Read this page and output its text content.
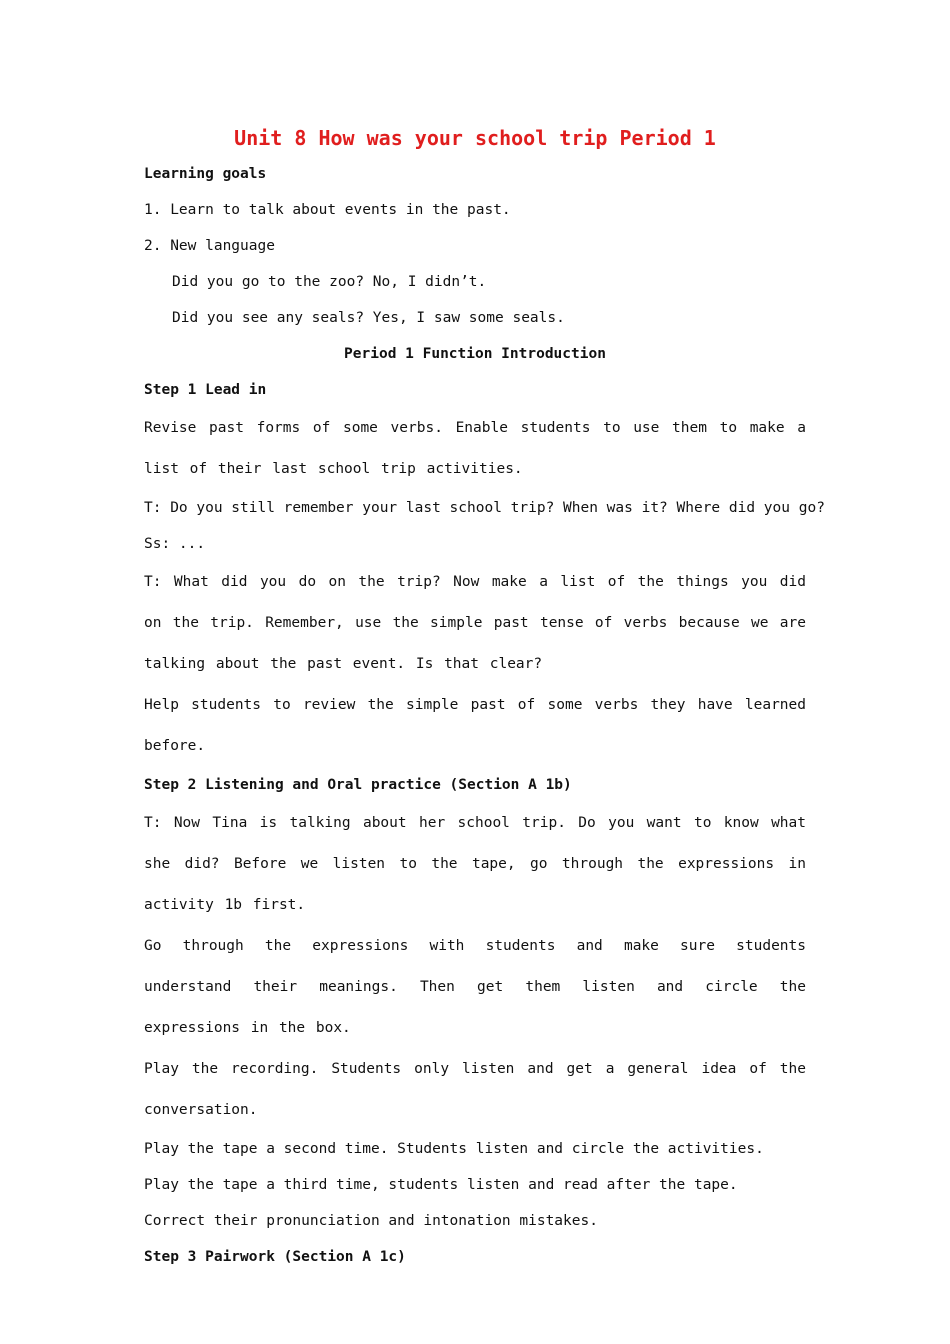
Unit 8 How was your school trip Period 1

Learning goals

1. Learn to talk about events in the past.

2. New language

Did you go to the zoo? No, I didn’t.

Did you see any seals? Yes, I saw some seals.

Period 1 Function Introduction

Step 1 Lead in

Revise past forms of some verbs. Enable students to use them to make a list of their last school trip activities.

T: Do you still remember your last school trip? When was it? Where did you go?

Ss: ...

T: What did you do on the trip? Now make a list of the things you did on the trip. Remember, use the simple past tense of verbs because we are talking about the past event. Is that clear?

Help students to review the simple past of some verbs they have learned before.

Step 2 Listening and Oral practice (Section A 1b)

T: Now Tina is talking about her school trip. Do you want to know what she did? Before we listen to the tape, go through the expressions in activity 1b first.

Go through the expressions with students and make sure students understand their meanings. Then get them listen and circle the expressions in the box.

Play the recording. Students only listen and get a general idea of the conversation.

Play the tape a second time. Students listen and circle the activities.

Play the tape a third time, students listen and read after the tape.

Correct their pronunciation and intonation mistakes.

Step 3 Pairwork (Section A 1c)
